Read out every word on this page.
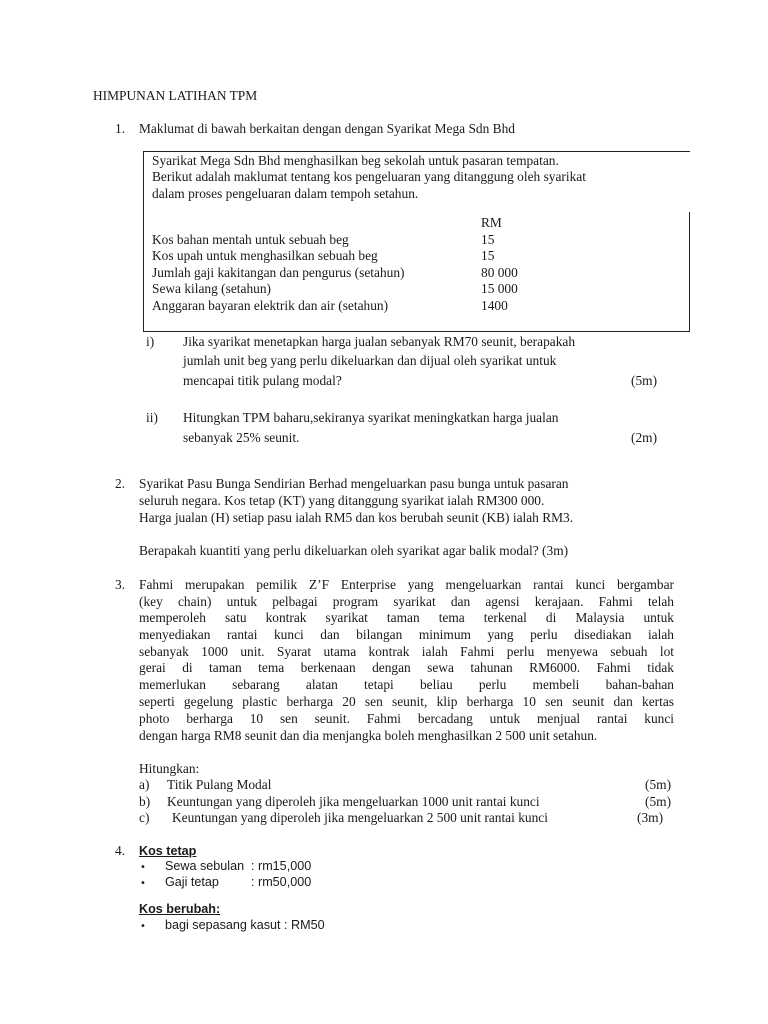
HIMPUNAN LATIHAN TPM
1. Maklumat di bawah berkaitan dengan dengan Syarikat Mega Sdn Bhd
Syarikat Mega Sdn Bhd menghasilkan beg sekolah untuk pasaran tempatan.
Berikut adalah maklumat tentang kos pengeluaran yang ditanggung oleh syarikat
dalam proses pengeluaran dalam tempoh setahun.
RM
Kos bahan mentah untuk sebuah beg	15
Kos upah untuk menghasilkan sebuah beg	15
Jumlah gaji kakitangan dan pengurus (setahun)	80 000
Sewa kilang (setahun)	15 000
Anggaran bayaran elektrik dan air (setahun)	1400
i) Jika syarikat menetapkan harga jualan sebanyak RM70 seunit, berapakah
jumlah unit beg yang perlu dikeluarkan dan dijual oleh syarikat untuk
mencapai titik pulang modal?	(5m)
ii) Hitungkan TPM baharu,sekiranya syarikat meningkatkan harga jualan
sebanyak 25% seunit.	(2m)
2. Syarikat Pasu Bunga Sendirian Berhad mengeluarkan pasu bunga untuk pasaran
seluruh negara. Kos tetap (KT) yang ditanggung syarikat ialah RM300 000.
Harga jualan (H) setiap pasu ialah RM5 dan kos berubah seunit (KB) ialah RM3.
Berapakah kuantiti yang perlu dikeluarkan oleh syarikat agar balik modal? (3m)
3. Fahmi merupakan pemilik Z’F Enterprise yang mengeluarkan rantai kunci bergambar
(key chain) untuk pelbagai program syarikat dan agensi kerajaan. Fahmi telah
memperoleh satu kontrak syarikat taman tema terkenal di Malaysia untuk
menyediakan rantai kunci dan bilangan minimum yang perlu disediakan ialah
sebanyak 1000 unit. Syarat utama kontrak ialah Fahmi perlu menyewa sebuah lot
gerai di taman tema berkenaan dengan sewa tahunan RM6000. Fahmi tidak
memerlukan sebarang alatan tetapi beliau perlu membeli bahan-bahan
seperti gegelung plastic berharga 20 sen seunit, klip berharga 10 sen seunit dan kertas
photo berharga 10 sen seunit. Fahmi bercadang untuk menjual rantai kunci
dengan harga RM8 seunit dan dia menjangka boleh menghasilkan 2 500 unit setahun.
Hitungkan:
a) Titik Pulang Modal	(5m)
b) Keuntungan yang diperoleh jika mengeluarkan 1000 unit rantai kunci	(5m)
c) Keuntungan yang diperoleh jika mengeluarkan 2 500 unit rantai kunci	(3m)
4. Kos tetap
• Sewa sebulan : rm15,000
• Gaji tetap	: rm50,000
Kos berubah:
• bagi sepasang kasut : RM50
